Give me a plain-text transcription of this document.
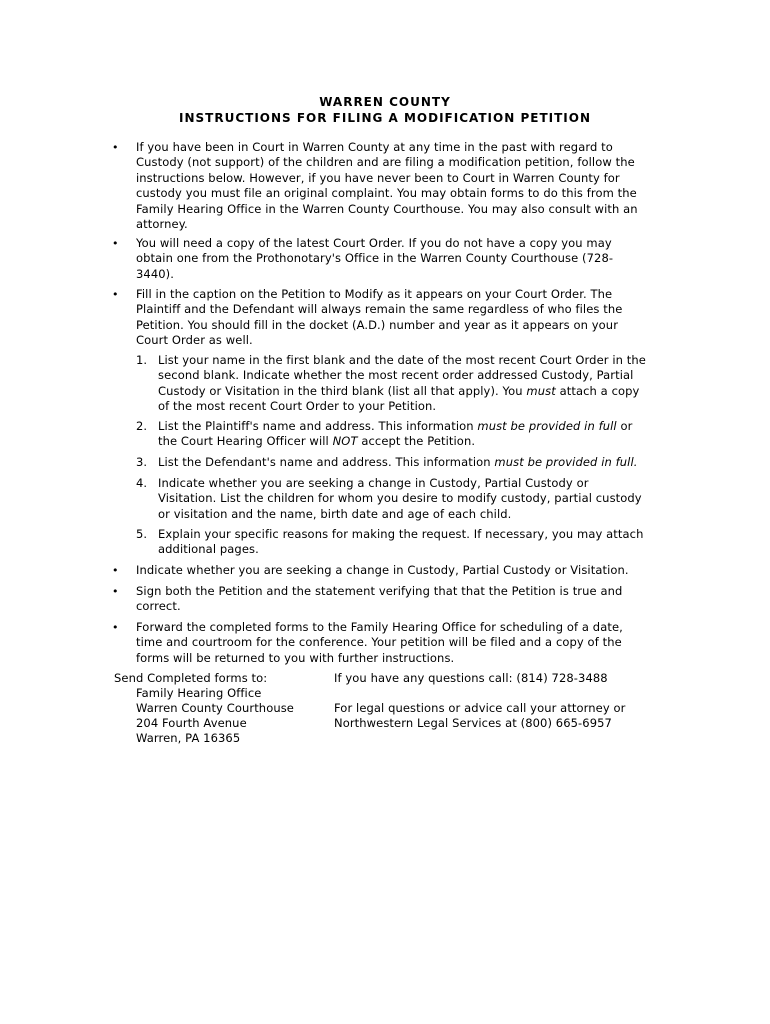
WARREN COUNTY
INSTRUCTIONS FOR FILING A MODIFICATION PETITION
• If you have been in Court in Warren County at any time in the past with regard to Custody (not support) of the children and are filing a modification petition, follow the instructions below. However, if you have never been to Court in Warren County for custody you must file an original complaint. You may obtain forms to do this from the Family Hearing Office in the Warren County Courthouse. You may also consult with an attorney.
• You will need a copy of the latest Court Order. If you do not have a copy you may obtain one from the Prothonotary's Office in the Warren County Courthouse (728-3440).
• Fill in the caption on the Petition to Modify as it appears on your Court Order. The Plaintiff and the Defendant will always remain the same regardless of who files the Petition. You should fill in the docket (A.D.) number and year as it appears on your Court Order as well.
1. List your name in the first blank and the date of the most recent Court Order in the second blank. Indicate whether the most recent order addressed Custody, Partial Custody or Visitation in the third blank (list all that apply). You must attach a copy of the most recent Court Order to your Petition.
2. List the Plaintiff's name and address. This information must be provided in full or the Court Hearing Officer will NOT accept the Petition.
3. List the Defendant's name and address. This information must be provided in full.
4. Indicate whether you are seeking a change in Custody, Partial Custody or Visitation. List the children for whom you desire to modify custody, partial custody or visitation and the name, birth date and age of each child.
5. Explain your specific reasons for making the request. If necessary, you may attach additional pages.
• Indicate whether you are seeking a change in Custody, Partial Custody or Visitation.
• Sign both the Petition and the statement verifying that that the Petition is true and correct.
• Forward the completed forms to the Family Hearing Office for scheduling of a date, time and courtroom for the conference. Your petition will be filed and a copy of the forms will be returned to you with further instructions.
Send Completed forms to:
Family Hearing Office
Warren County Courthouse
204 Fourth Avenue
Warren, PA 16365
If you have any questions call: (814) 728-3488
For legal questions or advice call your attorney or
Northwestern Legal Services at (800) 665-6957
